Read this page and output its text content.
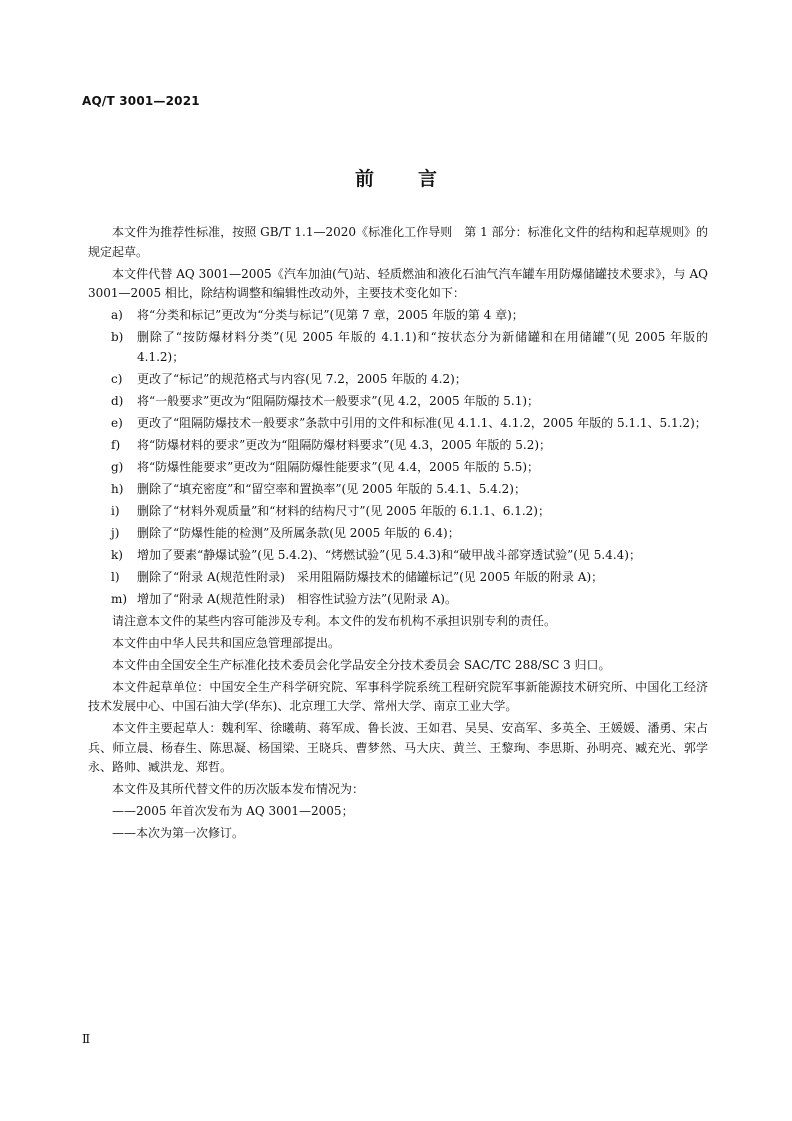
AQ/T 3001—2021
前 言

本文件为推荐性标准，按照 GB/T 1.1—2020《标准化工作导则　第 1 部分：标准化文件的结构和起草规则》的规定起草。

本文件代替 AQ 3001—2005《汽车加油(气)站、轻质燃油和液化石油气汽车罐车用防爆储罐技术要求》，与 AQ 3001—2005 相比，除结构调整和编辑性改动外，主要技术变化如下：

a) 将“分类和标记”更改为“分类与标记”(见第 7 章，2005 年版的第 4 章)；
b) 删除了“按防爆材料分类”(见 2005 年版的 4.1.1)和“按状态分为新储罐和在用储罐”(见 2005 年版的 4.1.2)；
c) 更改了“标记”的规范格式与内容(见 7.2，2005 年版的 4.2)；
d) 将“一般要求”更改为“阻隔防爆技术一般要求”(见 4.2，2005 年版的 5.1)；
e) 更改了“阻隔防爆技术一般要求”条款中引用的文件和标准(见 4.1.1、4.1.2，2005 年版的 5.1.1、5.1.2)；
f) 将“防爆材料的要求”更改为“阻隔防爆材料要求”(见 4.3，2005 年版的 5.2)；
g) 将“防爆性能要求”更改为“阻隔防爆性能要求”(见 4.4，2005 年版的 5.5)；
h) 删除了“填充密度”和“留空率和置换率”(见 2005 年版的 5.4.1、5.4.2)；
i) 删除了“材料外观质量”和“材料的结构尺寸”(见 2005 年版的 6.1.1、6.1.2)；
j) 删除了“防爆性能的检测”及所属条款(见 2005 年版的 6.4)；
k) 增加了要素“静爆试验”(见 5.4.2)、“烤燃试验”(见 5.4.3)和“破甲战斗部穿透试验”(见 5.4.4)；
l) 删除了“附录 A(规范性附录)　采用阻隔防爆技术的储罐标记”(见 2005 年版的附录 A)；
m) 增加了“附录 A(规范性附录)　相容性试验方法”(见附录 A)。

请注意本文件的某些内容可能涉及专利。本文件的发布机构不承担识别专利的责任。

本文件由中华人民共和国应急管理部提出。

本文件由全国安全生产标准化技术委员会化学品安全分技术委员会 SAC/TC 288/SC 3 归口。

本文件起草单位：中国安全生产科学研究院、军事科学院系统工程研究院军事新能源技术研究所、中国化工经济技术发展中心、中国石油大学(华东)、北京理工大学、常州大学、南京工业大学。

本文件主要起草人：魏利军、徐曦萌、蒋军成、鲁长波、王如君、吴昊、安高军、多英全、王媛媛、潘勇、宋占兵、师立晨、杨春生、陈思凝、杨国梁、王晓兵、曹梦然、马大庆、黄兰、王黎珣、李思斯、孙明亮、臧充光、郭学永、路帅、臧洪龙、郑哲。

本文件及其所代替文件的历次版本发布情况为：

——2005 年首次发布为 AQ 3001—2005；
——本次为第一次修订。
Ⅱ
